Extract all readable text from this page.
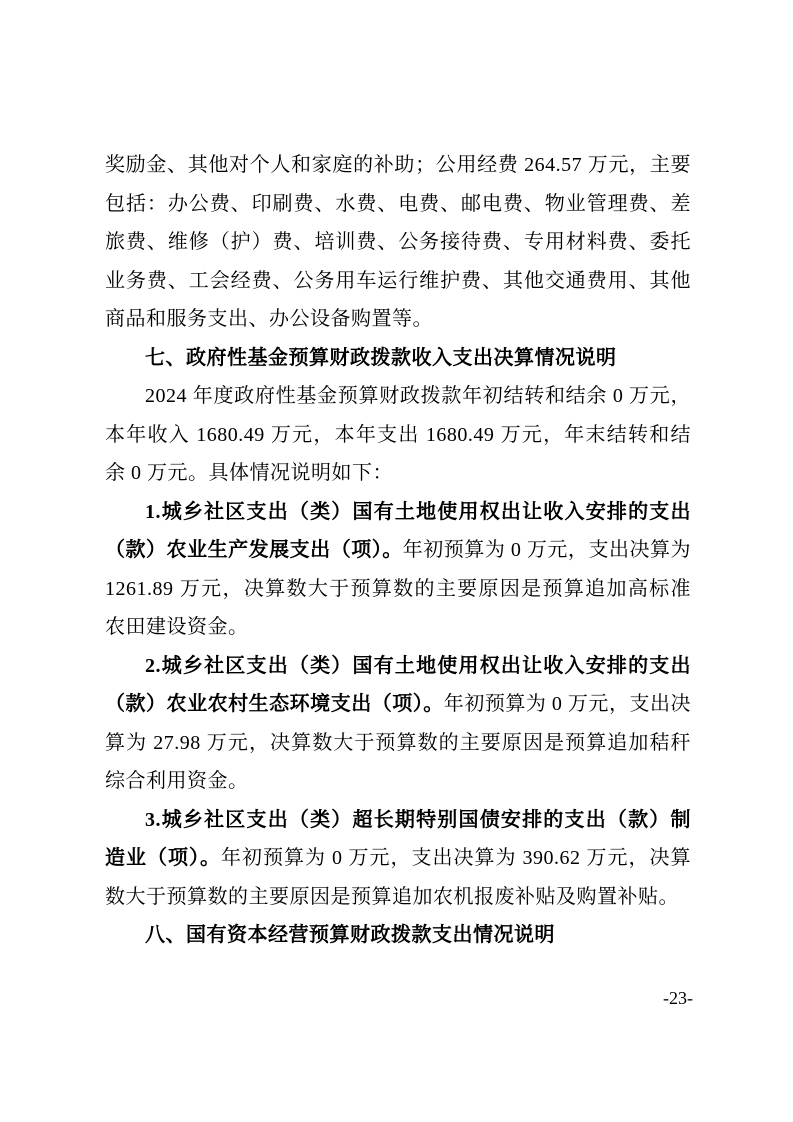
奖励金、其他对个人和家庭的补助；公用经费 264.57 万元，主要包括：办公费、印刷费、水费、电费、邮电费、物业管理费、差旅费、维修（护）费、培训费、公务接待费、专用材料费、委托业务费、工会经费、公务用车运行维护费、其他交通费用、其他商品和服务支出、办公设备购置等。

七、政府性基金预算财政拨款收入支出决算情况说明

2024 年度政府性基金预算财政拨款年初结转和结余 0 万元，本年收入 1680.49 万元，本年支出 1680.49 万元，年末结转和结余 0 万元。具体情况说明如下：

1.城乡社区支出（类）国有土地使用权出让收入安排的支出（款）农业生产发展支出（项）。年初预算为 0 万元，支出决算为 1261.89 万元，决算数大于预算数的主要原因是预算追加高标准农田建设资金。

2.城乡社区支出（类）国有土地使用权出让收入安排的支出（款）农业农村生态环境支出（项）。年初预算为 0 万元，支出决算为 27.98 万元，决算数大于预算数的主要原因是预算追加秸秆综合利用资金。

3.城乡社区支出（类）超长期特别国债安排的支出（款）制造业（项）。年初预算为 0 万元，支出决算为 390.62 万元，决算数大于预算数的主要原因是预算追加农机报废补贴及购置补贴。

八、国有资本经营预算财政拨款支出情况说明

-23-
